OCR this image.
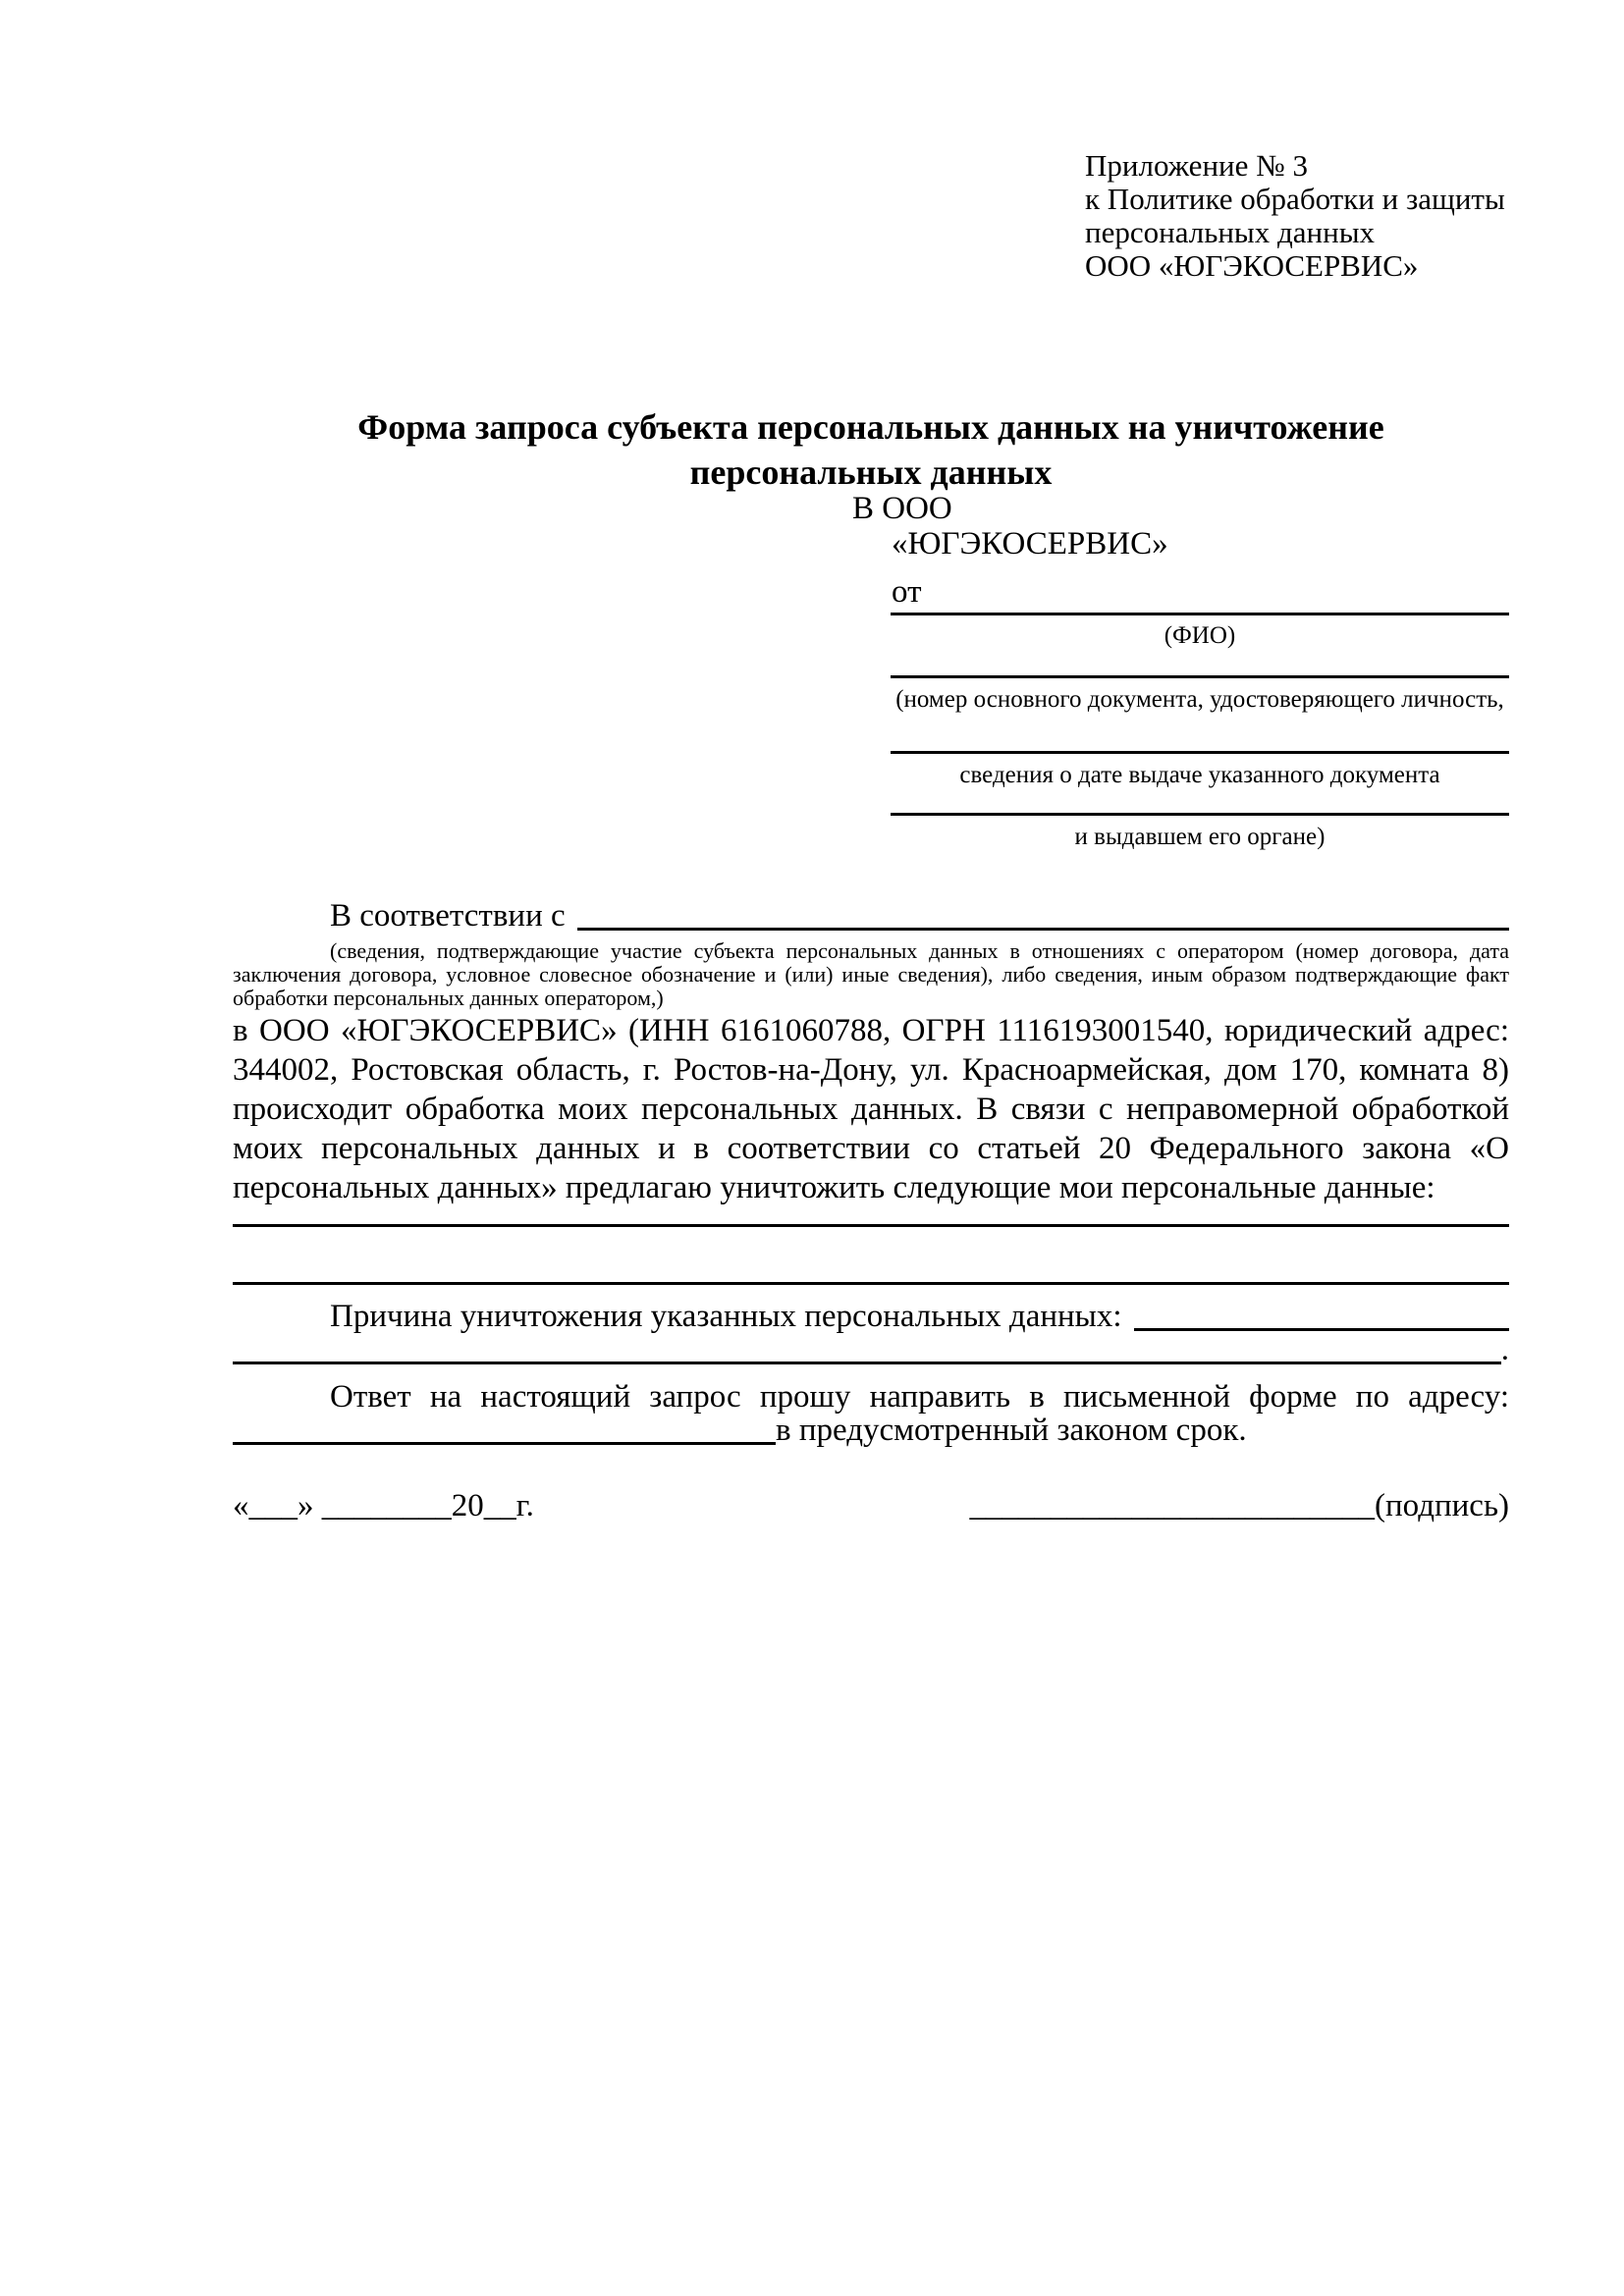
Приложение № 3
к Политике обработки и защиты
персональных данных
ООО «ЮГЭКОСЕРВИС»
Форма запроса субъекта персональных данных на уничтожение
персональных данных
В ООО
«ЮГЭКОСЕРВИС»
от
(ФИО)
(номер основного документа, удостоверяющего личность,
сведения о дате выдаче указанного документа
и выдавшем его органе)
В соответствии с
(сведения, подтверждающие участие субъекта персональных данных в отношениях с оператором (номер договора, дата заключения договора, условное словесное обозначение и (или) иные сведения), либо сведения, иным образом подтверждающие факт обработки персональных данных оператором,)
в ООО «ЮГЭКОСЕРВИС» (ИНН 6161060788, ОГРН 1116193001540, юридический адрес: 344002, Ростовская область, г. Ростов-на-Дону, ул. Красноармейская, дом 170, комната 8) происходит обработка моих персональных данных. В связи с неправомерной обработкой моих персональных данных и в соответствии со статьей 20 Федерального закона «О персональных данных» предлагаю уничтожить следующие мои персональные данные:
Причина уничтожения указанных персональных данных:
.
Ответ на настоящий запрос прошу направить в письменной форме по адресу:
в предусмотренный законом срок.
«___» ________20__г.	_________________________(подпись)
